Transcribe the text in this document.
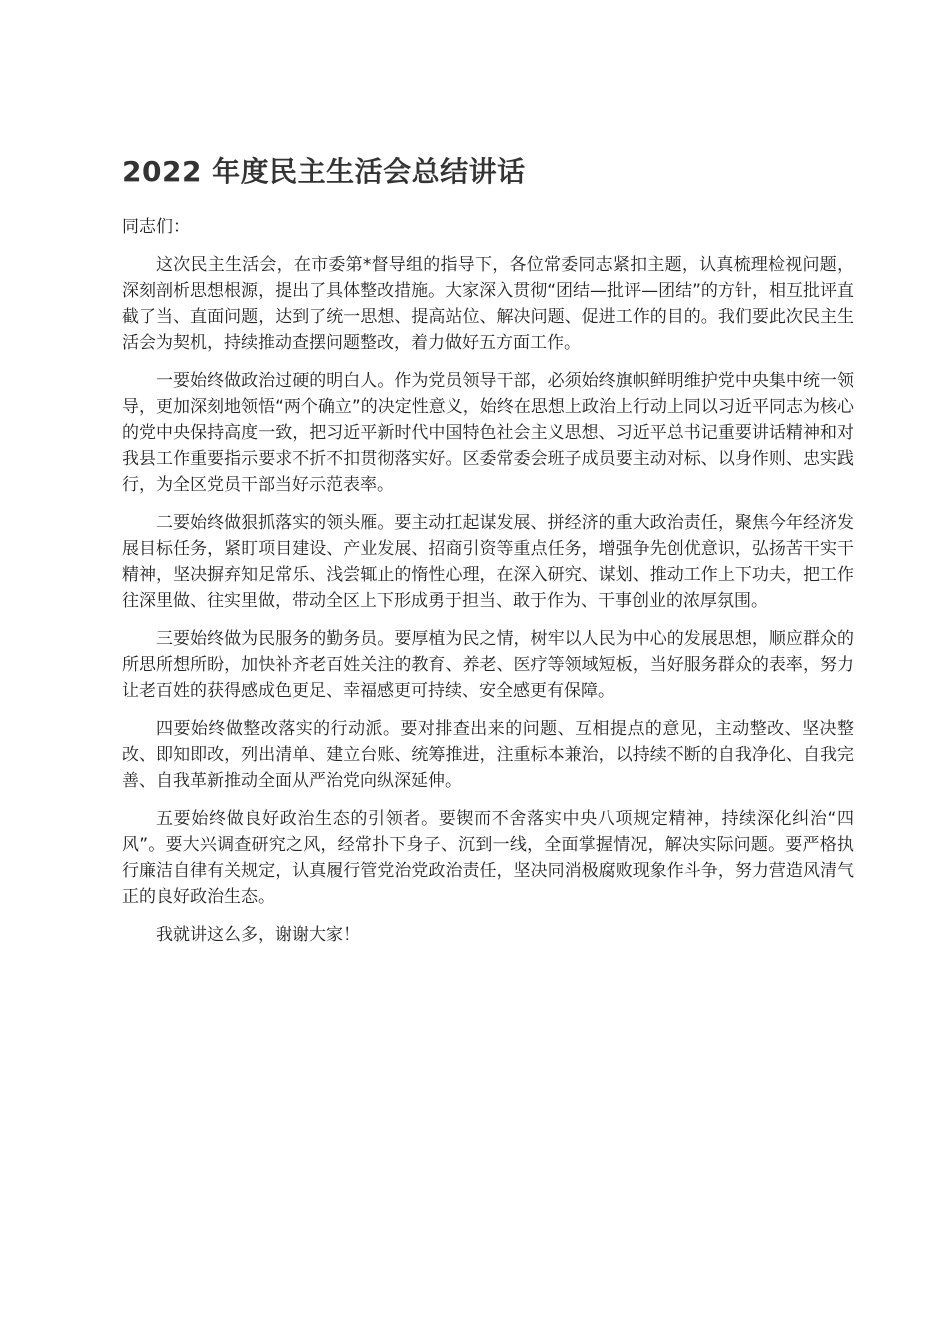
2022 年度民主生活会总结讲话

同志们：

这次民主生活会，在市委第*督导组的指导下，各位常委同志紧扣主题，认真梳理检视问题，深刻剖析思想根源，提出了具体整改措施。大家深入贯彻“团结—批评—团结”的方针，相互批评直截了当、直面问题，达到了统一思想、提高站位、解决问题、促进工作的目的。我们要此次民主生活会为契机，持续推动查摆问题整改，着力做好五方面工作。

一要始终做政治过硬的明白人。作为党员领导干部，必须始终旗帜鲜明维护党中央集中统一领导，更加深刻地领悟“两个确立”的决定性意义，始终在思想上政治上行动上同以习近平同志为核心的党中央保持高度一致，把习近平新时代中国特色社会主义思想、习近平总书记重要讲话精神和对我县工作重要指示要求不折不扣贯彻落实好。区委常委会班子成员要主动对标、以身作则、忠实践行，为全区党员干部当好示范表率。

二要始终做狠抓落实的领头雁。要主动扛起谋发展、拼经济的重大政治责任，聚焦今年经济发展目标任务，紧盯项目建设、产业发展、招商引资等重点任务，增强争先创优意识，弘扬苦干实干精神，坚决摒弃知足常乐、浅尝辄止的惰性心理，在深入研究、谋划、推动工作上下功夫，把工作往深里做、往实里做，带动全区上下形成勇于担当、敢于作为、干事创业的浓厚氛围。

三要始终做为民服务的勤务员。要厚植为民之情，树牢以人民为中心的发展思想，顺应群众的所思所想所盼，加快补齐老百姓关注的教育、养老、医疗等领域短板，当好服务群众的表率，努力让老百姓的获得感成色更足、幸福感更可持续、安全感更有保障。

四要始终做整改落实的行动派。要对排查出来的问题、互相提点的意见，主动整改、坚决整改、即知即改，列出清单、建立台账、统筹推进，注重标本兼治，以持续不断的自我净化、自我完善、自我革新推动全面从严治党向纵深延伸。

五要始终做良好政治生态的引领者。要锲而不舍落实中央八项规定精神，持续深化纠治“四风”。要大兴调查研究之风，经常扑下身子、沉到一线，全面掌握情况，解决实际问题。要严格执行廉洁自律有关规定，认真履行管党治党政治责任，坚决同消极腐败现象作斗争，努力营造风清气正的良好政治生态。

我就讲这么多，谢谢大家！
